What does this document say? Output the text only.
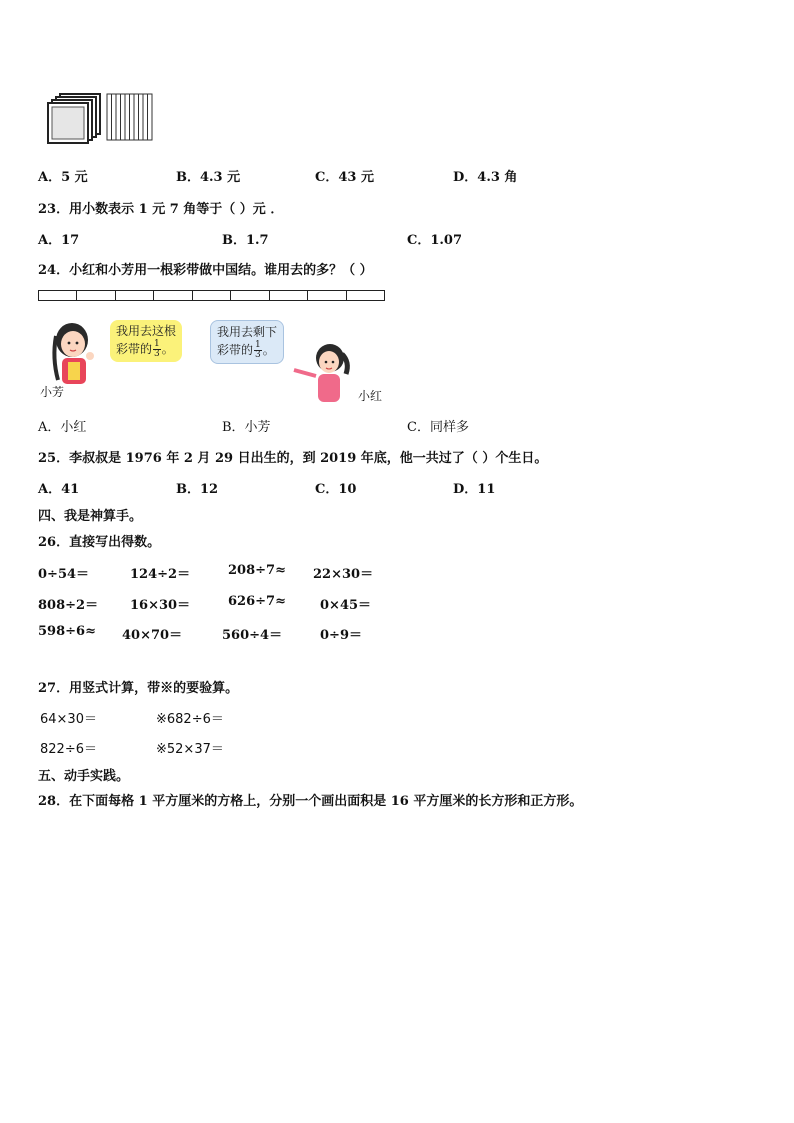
A．5 元	B．4.3 元	C．43 元	D．4.3 角
23．用小数表示 1 元 7 角等于（ ）元 ．
A．17	B．1.7	C．1.07
24．小红和小芳用一根彩带做中国结。谁用去的多？（ ）
我用去这根
彩带的 $\frac{1}{3}$ 。
小芳
我用去剩下
彩带的 $\frac{1}{3}$ 。
小红
A．小红	B．小芳	C．同样多
25．李叔叔是 1976 年 2 月 29 日出生的，到 2019 年底，他一共过了（ ）个生日。
A．41	B．12	C．10	D．11
四、我是神算手。
26．直接写出得数。
0÷54＝	124÷2＝	208÷7≈ 22×30＝
808÷2＝ 16×30＝	626÷7≈	0×45＝
598÷6≈ 40×70＝	560÷4＝	0÷9＝
27．用竖式计算，带※的要验算。
64×30＝	※682÷6＝
822÷6＝	※52×37＝
五、动手实践。
28．在下面每格 1 平方厘米的方格上，分别一个画出面积是 16 平方厘米的长方形和正方形。
